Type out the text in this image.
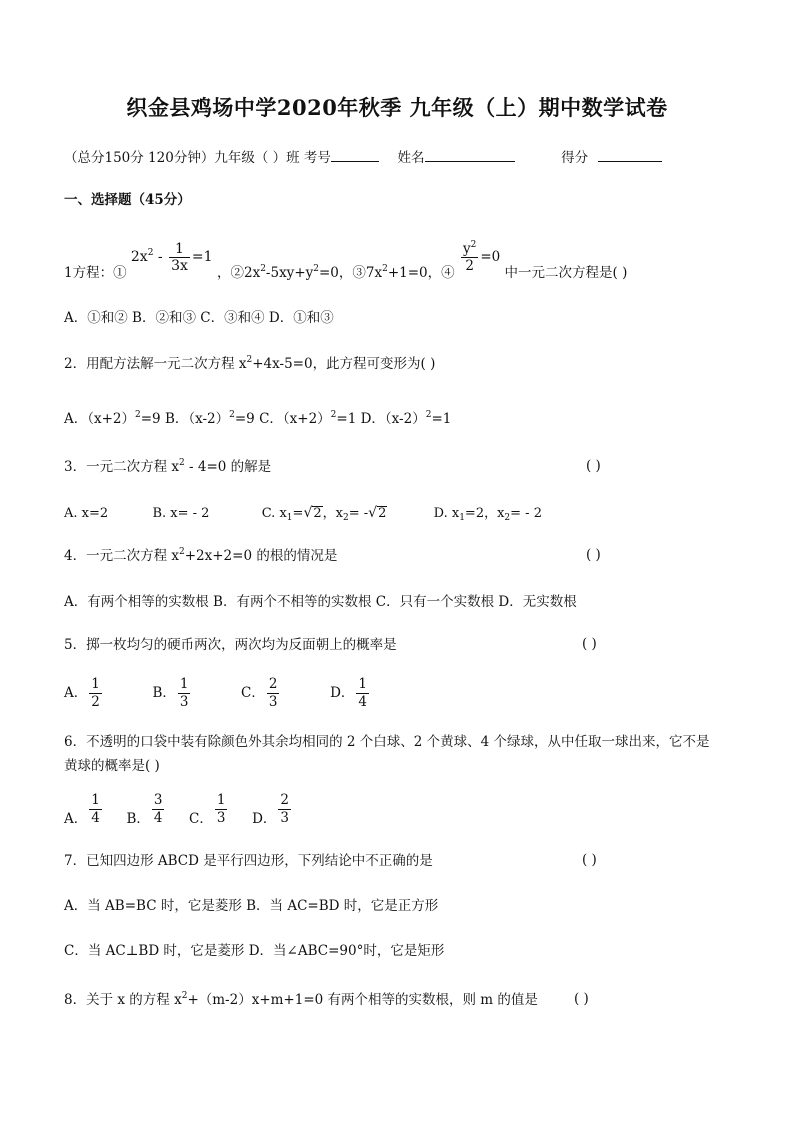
织金县鸡场中学2020年秋季 九年级（上）期中数学试卷
（总分150分 120分钟）九年级（ ）班 考号	姓名	得分
一、选择题（45分）
1方程：① $2x^2 - \frac{1}{3x} =1$ ，$②2x^2-5xy+y^2=0$，$③7x^2+1=0$，④ $\frac{y^2}{2} =0$ 中一元二次方程是( )
A．①和② B．②和③ C．③和④ D．①和③
2．用配方法解一元二次方程 $x^2+4x-5=0$，此方程可变形为( )
A．$(x+2)^2=9$ B．$(x-2)^2=9$ C．$(x+2)^2=1$ D．$(x-2)^2=1$
3．一元二次方程 $x^2 - 4=0$ 的解是	( )
A. x=2	B. x= - 2	C. $x_1=√2$，$x_2= -√2$	D. $x_1=2$，$x_2= - 2$
4．一元二次方程 $x^2+2x+2=0$ 的根的情况是	( )
A．有两个相等的实数根 B．有两个不相等的实数根 C．只有一个实数根 D．无实数根
5．掷一枚均匀的硬币两次，两次均为反面朝上的概率是	( )
A． $\frac{1}{2}$	B． $\frac{1}{3}$	C． $\frac{2}{3}$	D． $\frac{1}{4}$
6．不透明的口袋中装有除颜色外其余均相同的 2 个白球、2 个黄球、4 个绿球，从中任取一球出来，它不是
黄球的概率是( )
A． $\frac{1}{4}$ B． $\frac{3}{4}$ C． $\frac{1}{3}$ D． $\frac{2}{3}$
7．已知四边形 ABCD 是平行四边形，下列结论中不正确的是	( )
A．当 AB=BC 时，它是菱形 B．当 AC=BD 时，它是正方形
C．当 AC⊥BD 时，它是菱形 D．当∠ABC=90°时，它是矩形
8．关于 x 的方程 $x^2+(m-2)x+m+1=0$ 有两个相等的实数根，则 m 的值是	( )
